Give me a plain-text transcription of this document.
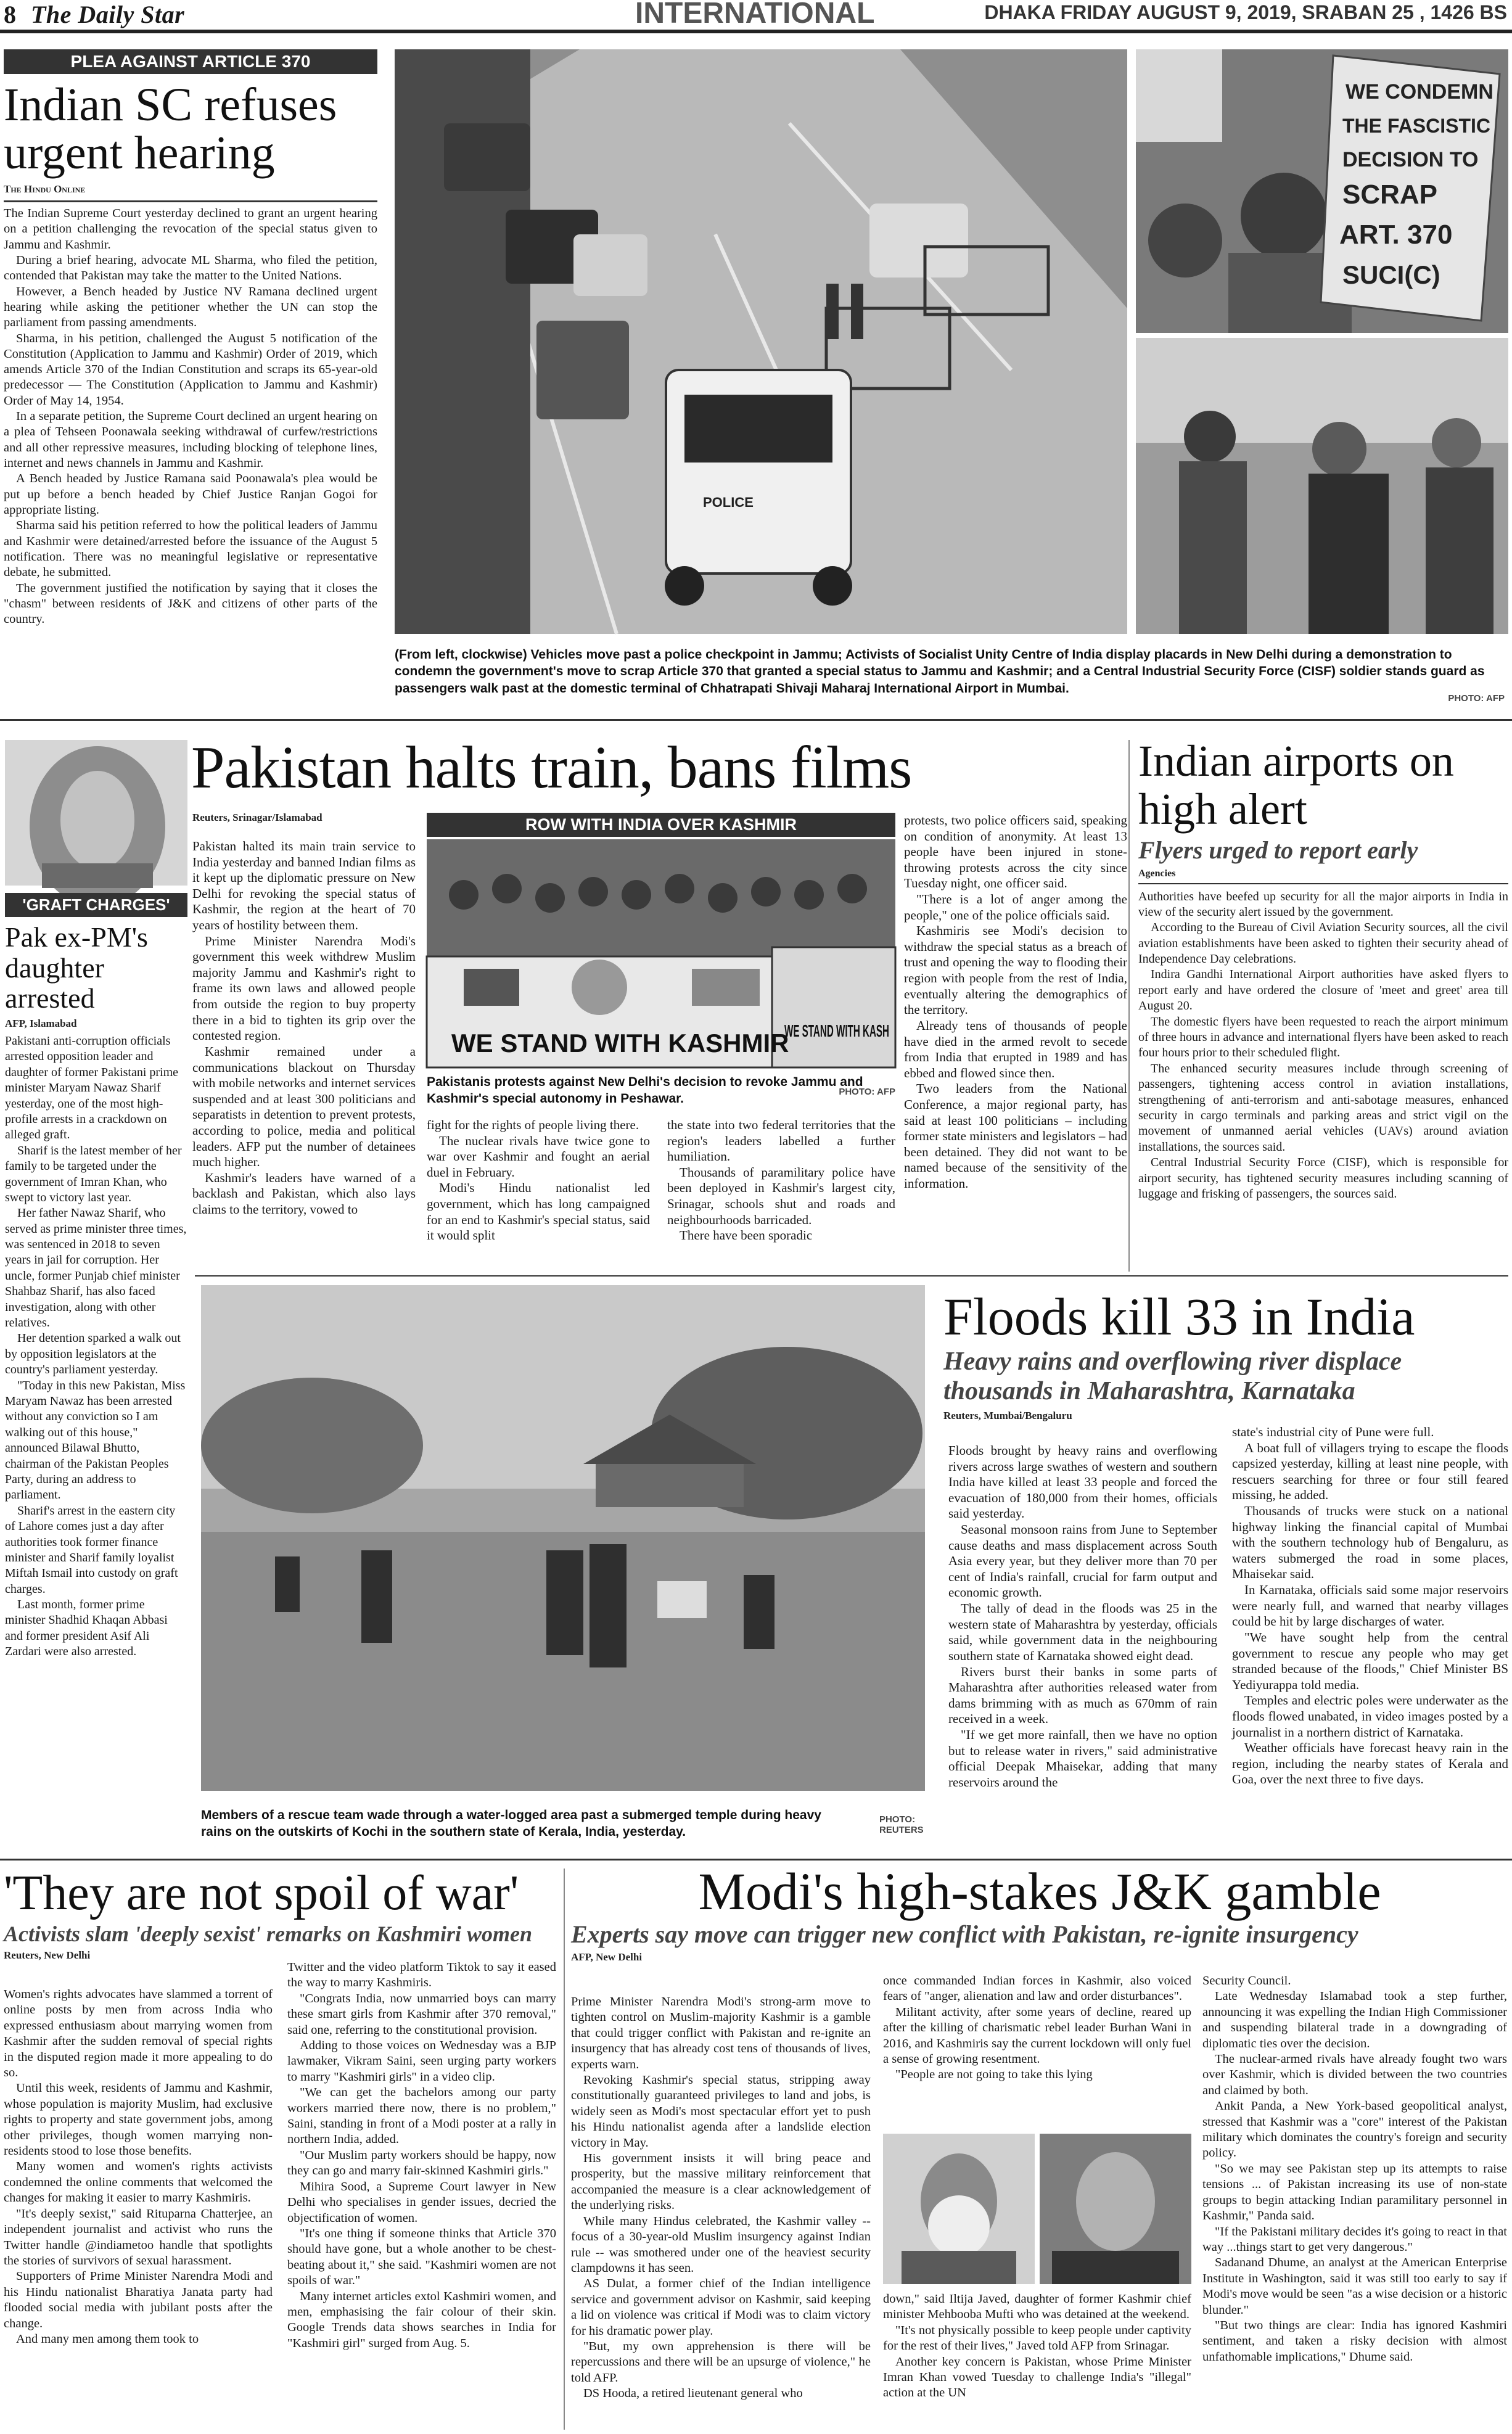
8 The Daily Star	INTERNATIONAL	DHAKA FRIDAY AUGUST 9, 2019, SRABAN 25 , 1426 BS
PLEA AGAINST ARTICLE 370
Indian SC refuses urgent hearing
The Hindu Online

The Indian Supreme Court yesterday declined to grant an urgent hearing on a petition challenging the revocation of the special status given to Jammu and Kashmir.

During a brief hearing, advocate ML Sharma, who filed the petition, contended that Pakistan may take the matter to the United Nations.

However, a Bench headed by Justice NV Ramana declined urgent hearing while asking the petitioner whether the UN can stop the parliament from passing amendments.

Sharma, in his petition, challenged the August 5 notification of the Constitution (Application to Jammu and Kashmir) Order of 2019, which amends Article 370 of the Indian Constitution and scraps its 65-year-old predecessor — The Constitution (Application to Jammu and Kashmir) Order of May 14, 1954.

In a separate petition, the Supreme Court declined an urgent hearing on a plea of Tehseen Poonawala seeking withdrawal of curfew/restrictions and all other repressive measures, including blocking of telephone lines, internet and news channels in Jammu and Kashmir.

A Bench headed by Justice Ramana said Poonawala's plea would be put up before a bench headed by Chief Justice Ranjan Gogoi for appropriate listing.

Sharma said his petition referred to how the political leaders of Jammu and Kashmir were detained/arrested before the issuance of the August 5 notification. There was no meaningful legislative or representative debate, he submitted.

The government justified the notification by saying that it closes the "chasm" between residents of J&K and citizens of other parts of the country.

POLICE
WE CONDEMN
THE FASCISTIC
DECISION TO
SCRAP
ART. 370
SUCI(C)
(From left, clockwise) Vehicles move past a police checkpoint in Jammu; Activists of Socialist Unity Centre of India display placards in New Delhi during a demonstration to condemn the government's move to scrap Article 370 that granted a special status to Jammu and Kashmir; and a Central Industrial Security Force (CISF) soldier stands guard as passengers walk past at the domestic terminal of Chhatrapati Shivaji Maharaj International Airport in Mumbai.
PHOTO: AFP
'GRAFT CHARGES'
Pak ex-PM's daughter arrested
AFP, Islamabad

Pakistani anti-corruption officials arrested opposition leader and daughter of former Pakistani prime minister Maryam Nawaz Sharif yesterday, one of the most high-profile arrests in a crackdown on alleged graft.

Sharif is the latest member of her family to be targeted under the government of Imran Khan, who swept to victory last year.

Her father Nawaz Sharif, who served as prime minister three times, was sentenced in 2018 to seven years in jail for corruption. Her uncle, former Punjab chief minister Shahbaz Sharif, has also faced investigation, along with other relatives.

Her detention sparked a walk out by opposition legislators at the country's parliament yesterday.

"Today in this new Pakistan, Miss Maryam Nawaz has been arrested without any conviction so I am walking out of this house," announced Bilawal Bhutto, chairman of the Pakistan Peoples Party, during an address to parliament.

Sharif's arrest in the eastern city of Lahore comes just a day after authorities took former finance minister and Sharif family loyalist Miftah Ismail into custody on graft charges.

Last month, former prime minister Shadhid Khaqan Abbasi and former president Asif Ali Zardari were also arrested.

Pakistan halts train, bans films
Reuters, Srinagar/Islamabad

Pakistan halted its main train service to India yesterday and banned Indian films as it kept up the diplomatic pressure on New Delhi for revoking the special status of Kashmir, the region at the heart of 70 years of hostility between them.

Prime Minister Narendra Modi's government this week withdrew Muslim majority Jammu and Kashmir's right to frame its own laws and allowed people from outside the region to buy property there in a bid to tighten its grip over the contested region.

Kashmir remained under a communications blackout on Thursday with mobile networks and internet services suspended and at least 300 politicians and separatists in detention to prevent protests, according to police, media and political leaders. AFP put the number of detainees much higher.

Kashmir's leaders have warned of a backlash and Pakistan, which also lays claims to the territory, vowed to

ROW WITH INDIA OVER KASHMIR
WE STAND WITH KASHMIR
WE STAND WITH KASH
Pakistanis protests against New Delhi's decision to revoke Jammu and Kashmir's special autonomy in Peshawar.	PHOTO: AFP

fight for the rights of people living there.

The nuclear rivals have twice gone to war over Kashmir and fought an aerial duel in February.

Modi's Hindu nationalist led government, which has long campaigned for an end to Kashmir's special status, said it would split

the state into two federal territories that the region's leaders labelled a further humiliation.

Thousands of paramilitary police have been deployed in Kashmir's largest city, Srinagar, schools shut and roads and neighbourhoods barricaded.

There have been sporadic

protests, two police officers said, speaking on condition of anonymity. At least 13 people have been injured in stone-throwing protests across the city since Tuesday night, one officer said.

"There is a lot of anger among the people," one of the police officials said.

Kashmiris see Modi's decision to withdraw the special status as a breach of trust and opening the way to flooding their region with people from the rest of India, eventually altering the demographics of the territory.

Already tens of thousands of people have died in the armed revolt to secede from India that erupted in 1989 and has ebbed and flowed since then.

Two leaders from the National Conference, a major regional party, has said at least 100 politicians – including former state ministers and legislators – had been detained. They did not want to be named because of the sensitivity of the information.

Indian airports on high alert
Flyers urged to report early
Agencies

Authorities have beefed up security for all the major airports in India in view of the security alert issued by the government.

According to the Bureau of Civil Aviation Security sources, all the civil aviation establishments have been asked to tighten their security ahead of Independence Day celebrations.

Indira Gandhi International Airport authorities have asked flyers to report early and have ordered the closure of 'meet and greet' area till August 20.

The domestic flyers have been requested to reach the airport minimum of three hours in advance and international flyers have been asked to reach four hours prior to their scheduled flight.

The enhanced security measures include through screening of passengers, tightening access control in aviation installations, strengthening of anti-terrorism and anti-sabotage measures, enhanced security in cargo terminals and parking areas and strict vigil on the movement of unmanned aerial vehicles (UAVs) around aviation installations, the sources said.

Central Industrial Security Force (CISF), which is responsible for airport security, has tightened security measures including scanning of luggage and frisking of passengers, the sources said.

Members of a rescue team wade through a water-logged area past a submerged temple during heavy rains on the outskirts of Kochi in the southern state of Kerala, India, yesterday.
PHOTO: REUTERS
Floods kill 33 in India
Heavy rains and overflowing river displace thousands in Maharashtra, Karnataka
Reuters, Mumbai/Bengaluru

Floods brought by heavy rains and overflowing rivers across large swathes of western and southern India have killed at least 33 people and forced the evacuation of 180,000 from their homes, officials said yesterday.

Seasonal monsoon rains from June to September cause deaths and mass displacement across South Asia every year, but they deliver more than 70 per cent of India's rainfall, crucial for farm output and economic growth.

The tally of dead in the floods was 25 in the western state of Maharashtra by yesterday, officials said, while government data in the neighbouring southern state of Karnataka showed eight dead.

Rivers burst their banks in some parts of Maharashtra after authorities released water from dams brimming with as much as 670mm of rain received in a week.

"If we get more rainfall, then we have no option but to release water in rivers," said administrative official Deepak Mhaisekar, adding that many reservoirs around the

state's industrial city of Pune were full.

A boat full of villagers trying to escape the floods capsized yesterday, killing at least nine people, with rescuers searching for three or four still feared missing, he added.

Thousands of trucks were stuck on a national highway linking the financial capital of Mumbai with the southern technology hub of Bengaluru, as waters submerged the road in some places, Mhaisekar said.

In Karnataka, officials said some major reservoirs were nearly full, and warned that nearby villages could be hit by large discharges of water.

"We have sought help from the central government to rescue any people who may get stranded because of the floods," Chief Minister BS Yediyurappa told media.

Temples and electric poles were underwater as the floods flowed unabated, in video images posted by a journalist in a northern district of Karnataka.

Weather officials have forecast heavy rain in the region, including the nearby states of Kerala and Goa, over the next three to five days.

'They are not spoil of war'
Activists slam 'deeply sexist' remarks on Kashmiri women
Reuters, New Delhi

Women's rights advocates have slammed a torrent of online posts by men from across India who expressed enthusiasm about marrying women from Kashmir after the sudden removal of special rights in the disputed region made it more appealing to do so.

Until this week, residents of Jammu and Kashmir, whose population is majority Muslim, had exclusive rights to property and state government jobs, among other privileges, though women marrying non-residents stood to lose those benefits.

Many women and women's rights activists condemned the online comments that welcomed the changes for making it easier to marry Kashmiris.

"It's deeply sexist," said Rituparna Chatterjee, an independent journalist and activist who runs the Twitter handle @indiametoo handle that spotlights the stories of survivors of sexual harassment.

Supporters of Prime Minister Narendra Modi and his Hindu nationalist Bharatiya Janata party had flooded social media with jubilant posts after the change.

And many men among them took to

Twitter and the video platform Tiktok to say it eased the way to marry Kashmiris.

"Congrats India, now unmarried boys can marry these smart girls from Kashmir after 370 removal," said one, referring to the constitutional provision.

Adding to those voices on Wednesday was a BJP lawmaker, Vikram Saini, seen urging party workers to marry "Kashmiri girls" in a video clip.

"We can get the bachelors among our party workers married there now, there is no problem," Saini, standing in front of a Modi poster at a rally in northern India, added.

"Our Muslim party workers should be happy, now they can go and marry fair-skinned Kashmiri girls."

Mihira Sood, a Supreme Court lawyer in New Delhi who specialises in gender issues, decried the objectification of women.

"It's one thing if someone thinks that Article 370 should have gone, but a whole another to be chest-beating about it," she said. "Kashmiri women are not spoils of war."

Many internet articles extol Kashmiri women, and men, emphasising the fair colour of their skin. Google Trends data shows searches in India for "Kashmiri girl" surged from Aug. 5.

Modi's high-stakes J&K gamble
Experts say move can trigger new conflict with Pakistan, re-ignite insurgency
AFP, New Delhi

Prime Minister Narendra Modi's strong-arm move to tighten control on Muslim-majority Kashmir is a gamble that could trigger conflict with Pakistan and re-ignite an insurgency that has already cost tens of thousands of lives, experts warn.

Revoking Kashmir's special status, stripping away constitutionally guaranteed privileges to land and jobs, is widely seen as Modi's most spectacular effort yet to push his Hindu nationalist agenda after a landslide election victory in May.

His government insists it will bring peace and prosperity, but the massive military reinforcement that accompanied the measure is a clear acknowledgement of the underlying risks.

While many Hindus celebrated, the Kashmir valley -- focus of a 30-year-old Muslim insurgency against Indian rule -- was smothered under one of the heaviest security clampdowns it has seen.

AS Dulat, a former chief of the Indian intelligence service and government advisor on Kashmir, said keeping a lid on violence was critical if Modi was to claim victory for his dramatic power play.

"But, my own apprehension is there will be repercussions and there will be an upsurge of violence," he told AFP.

DS Hooda, a retired lieutenant general who

once commanded Indian forces in Kashmir, also voiced fears of "anger, alienation and law and order disturbances".

Militant activity, after some years of decline, reared up after the killing of charismatic rebel leader Burhan Wani in 2016, and Kashmiris say the current lockdown will only fuel a sense of growing resentment.

"People are not going to take this lying

down," said Iltija Javed, daughter of former Kashmir chief minister Mehbooba Mufti who was detained at the weekend.

"It's not physically possible to keep people under captivity for the rest of their lives," Javed told AFP from Srinagar.

Another key concern is Pakistan, whose Prime Minister Imran Khan vowed Tuesday to challenge India's "illegal" action at the UN

Security Council.

Late Wednesday Islamabad took a step further, announcing it was expelling the Indian High Commissioner and suspending bilateral trade in a downgrading of diplomatic ties over the decision.

The nuclear-armed rivals have already fought two wars over Kashmir, which is divided between the two countries and claimed by both.

Ankit Panda, a New York-based geopolitical analyst, stressed that Kashmir was a "core" interest of the Pakistan military which dominates the country's foreign and security policy.

"So we may see Pakistan step up its attempts to raise tensions ... of Pakistan increasing its use of non-state groups to begin attacking Indian paramilitary personnel in Kashmir," Panda said.

"If the Pakistani military decides it's going to react in that way ...things start to get very dangerous."

Sadanand Dhume, an analyst at the American Enterprise Institute in Washington, said it was still too early to say if Modi's move would be seen "as a wise decision or a historic blunder."

"But two things are clear: India has ignored Kashmiri sentiment, and taken a risky decision with almost unfathomable implications," Dhume said.
